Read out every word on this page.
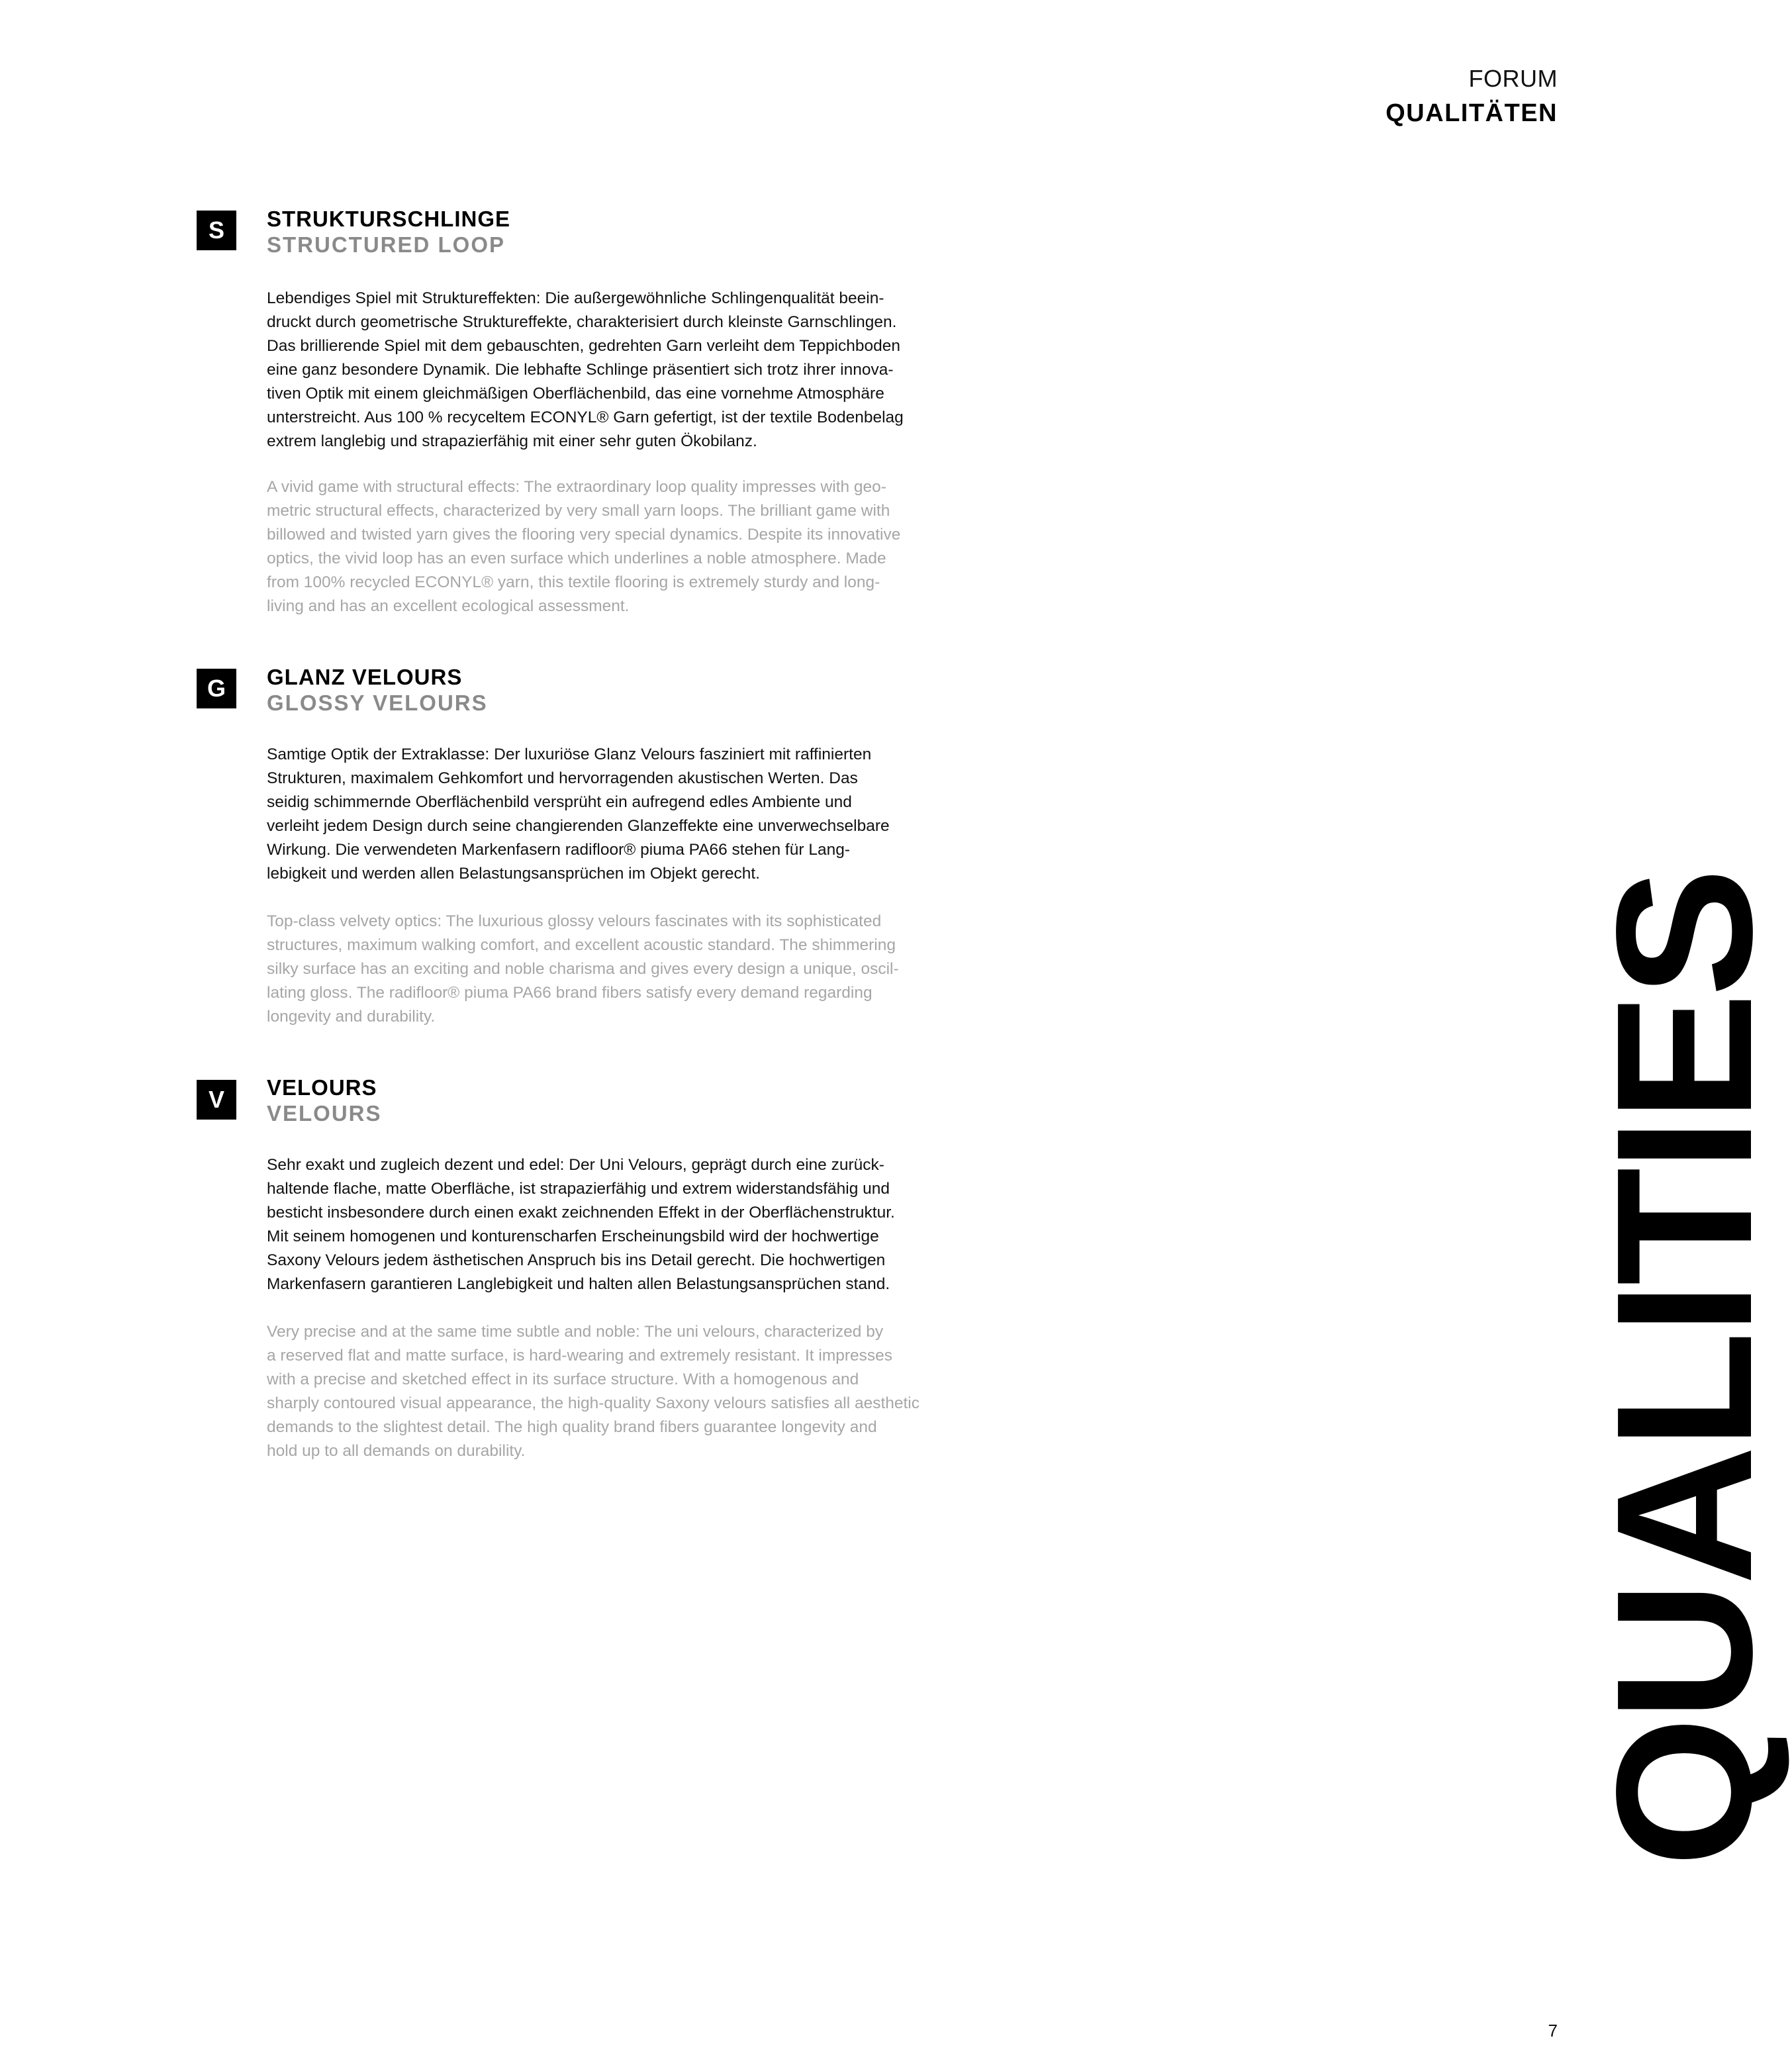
FORUM
QUALITÄTEN
S	STRUKTURSCHLINGE
STRUCTURED LOOP
Lebendiges Spiel mit Struktureffekten: Die außergewöhnliche Schlingenqualität beein-
druckt durch geometrische Struktureffekte, charakterisiert durch kleinste Garnschlingen.
Das brillierende Spiel mit dem gebauschten, gedrehten Garn verleiht dem Teppichboden
eine ganz besondere Dynamik. Die lebhafte Schlinge präsentiert sich trotz ihrer innova-
tiven Optik mit einem gleichmäßigen Oberflächenbild, das eine vornehme Atmosphäre
unterstreicht. Aus 100 % recyceltem ECONYL® Garn gefertigt, ist der textile Bodenbelag
extrem langlebig und strapazierfähig mit einer sehr guten Ökobilanz.
A vivid game with structural effects: The extraordinary loop quality impresses with geo-
metric structural effects, characterized by very small yarn loops. The brilliant game with
billowed and twisted yarn gives the flooring very special dynamics. Despite its innovative
optics, the vivid loop has an even surface which underlines a noble atmosphere. Made
from 100% recycled ECONYL® yarn, this textile flooring is extremely sturdy and long-
living and has an excellent ecological assessment.
G	GLANZ VELOURS
GLOSSY VELOURS
Samtige Optik der Extraklasse: Der luxuriöse Glanz Velours fasziniert mit raffinierten
Strukturen, maximalem Gehkomfort und hervorragenden akustischen Werten. Das
seidig schimmernde Oberflächenbild versprüht ein aufregend edles Ambiente und
verleiht jedem Design durch seine changierenden Glanzeffekte eine unverwechselbare
Wirkung. Die verwendeten Markenfasern radifloor® piuma PA66 stehen für Lang-
lebigkeit und werden allen Belastungsansprüchen im Objekt gerecht.
Top-class velvety optics: The luxurious glossy velours fascinates with its sophisticated
structures, maximum walking comfort, and excellent acoustic standard. The shimmering
silky surface has an exciting and noble charisma and gives every design a unique, oscil-
lating gloss. The radifloor® piuma PA66 brand fibers satisfy every demand regarding
longevity and durability.
V	VELOURS
VELOURS
Sehr exakt und zugleich dezent und edel: Der Uni Velours, geprägt durch eine zurück-
haltende flache, matte Oberfläche, ist strapazierfähig und extrem widerstandsfähig und
besticht insbesondere durch einen exakt zeichnenden Effekt in der Oberflächenstruktur.
Mit seinem homogenen und konturenscharfen Erscheinungsbild wird der hochwertige
Saxony Velours jedem ästhetischen Anspruch bis ins Detail gerecht. Die hochwertigen
Markenfasern garantieren Langlebigkeit und halten allen Belastungsansprüchen stand.
Very precise and at the same time subtle and noble: The uni velours, characterized by
a reserved flat and matte surface, is hard-wearing and extremely resistant. It impresses
with a precise and sketched effect in its surface structure. With a homogenous and
sharply contoured visual appearance, the high-quality Saxony velours satisfies all aesthetic
demands to the slightest detail. The high quality brand fibers guarantee longevity and
hold up to all demands on durability.	QUALITIES
7
